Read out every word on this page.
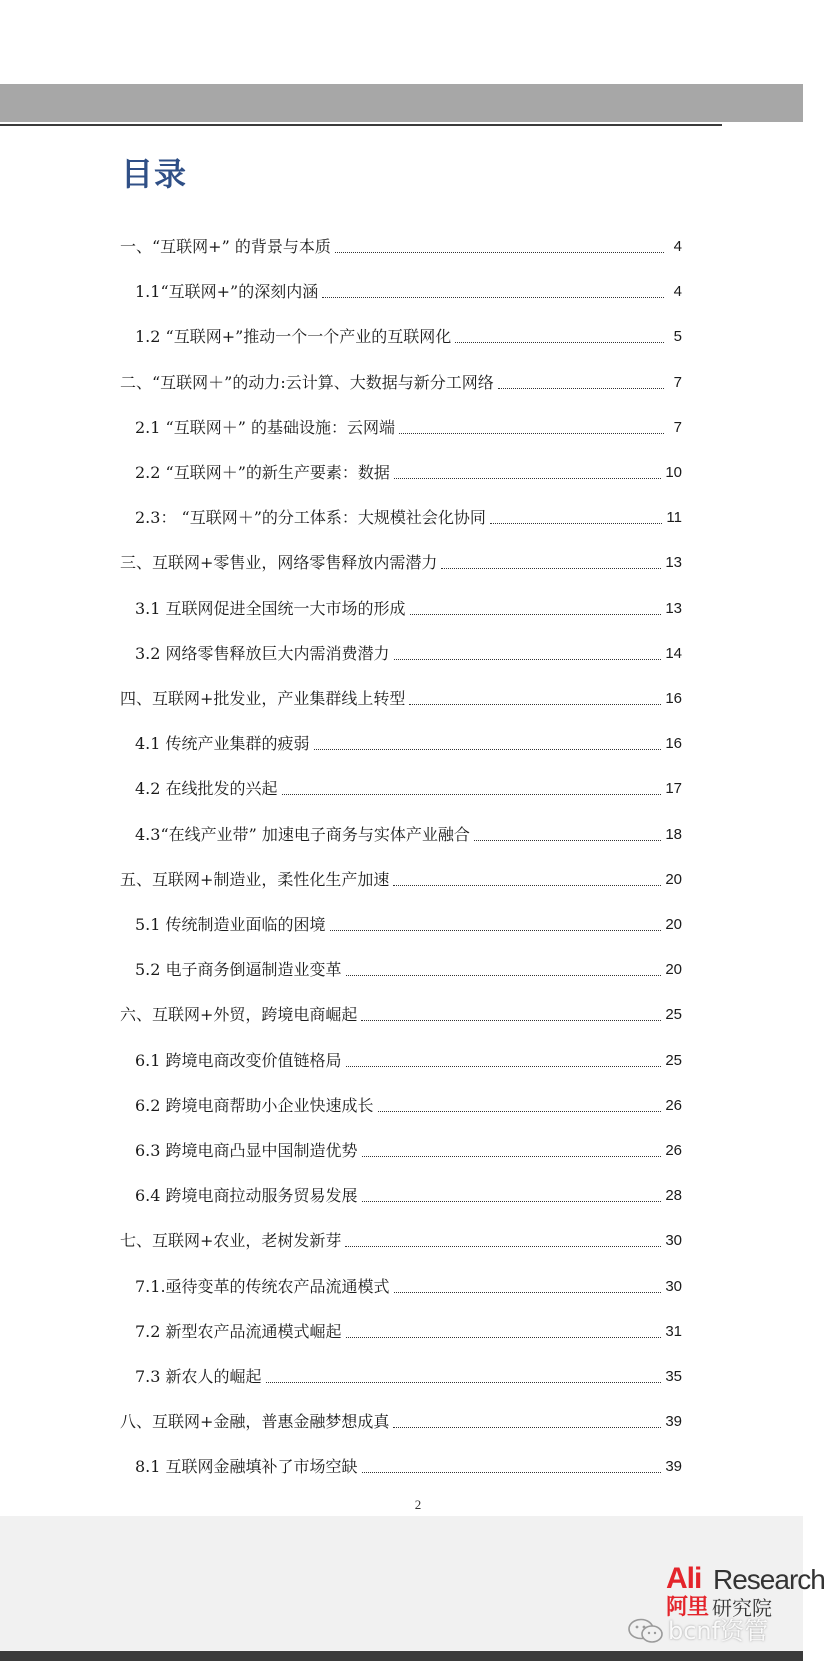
目录
一、“互联网+” 的背景与本质	4
1.1“互联网+”的深刻内涵	4
1.2 “互联网+”推动一个一个产业的互联网化	5
二、“互联网＋”的动力:云计算、大数据与新分工网络	7
2.1 “互联网＋” 的基础设施：云网端	7
2.2 “互联网＋”的新生产要素：数据	10
2.3： “互联网＋”的分工体系：大规模社会化协同	11
三、互联网+零售业，网络零售释放内需潜力	13
3.1 互联网促进全国统一大市场的形成	13
3.2 网络零售释放巨大内需消费潜力	14
四、互联网+批发业，产业集群线上转型	16
4.1 传统产业集群的疲弱	16
4.2 在线批发的兴起	17
4.3“在线产业带” 加速电子商务与实体产业融合	18
五、互联网+制造业，柔性化生产加速	20
5.1 传统制造业面临的困境	20
5.2 电子商务倒逼制造业变革	20
六、互联网+外贸，跨境电商崛起	25
6.1 跨境电商改变价值链格局	25
6.2 跨境电商帮助小企业快速成长	26
6.3 跨境电商凸显中国制造优势	26
6.4 跨境电商拉动服务贸易发展	28
七、互联网+农业，老树发新芽	30
7.1.亟待变革的传统农产品流通模式	30
7.2 新型农产品流通模式崛起	31
7.3 新农人的崛起	35
八、互联网+金融，普惠金融梦想成真	39
8.1 互联网金融填补了市场空缺	39
2
Ali Research
阿里 研究院
bcnf资管
